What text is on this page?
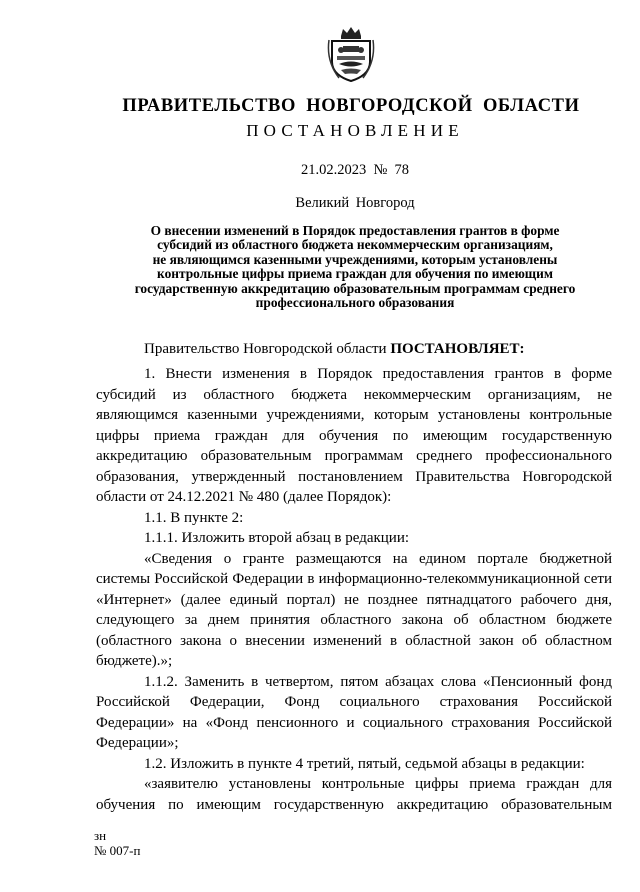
ПРАВИТЕЛЬСТВО НОВГОРОДСКОЙ ОБЛАСТИ
ПОСТАНОВЛЕНИЕ
21.02.2023 № 78
Великий Новгород
О внесении изменений в Порядок предоставления грантов в форме
субсидий из областного бюджета некоммерческим организациям,
не являющимся казенными учреждениями, которым установлены
контрольные цифры приема граждан для обучения по имеющим
государственную аккредитацию образовательным программам среднего
профессионального образования
Правительство Новгородской области ПОСТАНОВЛЯЕТ:
1. Внести изменения в Порядок предоставления грантов в форме субсидий из областного бюджета некоммерческим организациям, не являющимся казенными учреждениями, которым установлены контрольные цифры приема граждан для обучения по имеющим государственную аккредитацию образовательным программам среднего профессионального образования, утвержденный постановлением Правительства Новгородской области от 24.12.2021 № 480 (далее Порядок):
1.1. В пункте 2:
1.1.1. Изложить второй абзац в редакции:
«Сведения о гранте размещаются на едином портале бюджетной системы Российской Федерации в информационно-телекоммуникационной сети «Интернет» (далее единый портал) не позднее пятнадцатого рабочего дня, следующего за днем принятия областного закона об областном бюджете (областного закона о внесении изменений в областной закон об областном бюджете).»;
1.1.2. Заменить в четвертом, пятом абзацах слова «Пенсионный фонд Российской Федерации, Фонд социального страхования Российской Федерации» на «Фонд пенсионного и социального страхования Российской Федерации»;
1.2. Изложить в пункте 4 третий, пятый, седьмой абзацы в редакции:
«заявителю установлены контрольные цифры приема граждан для обучения по имеющим государственную аккредитацию образовательным
зн
№ 007-п
